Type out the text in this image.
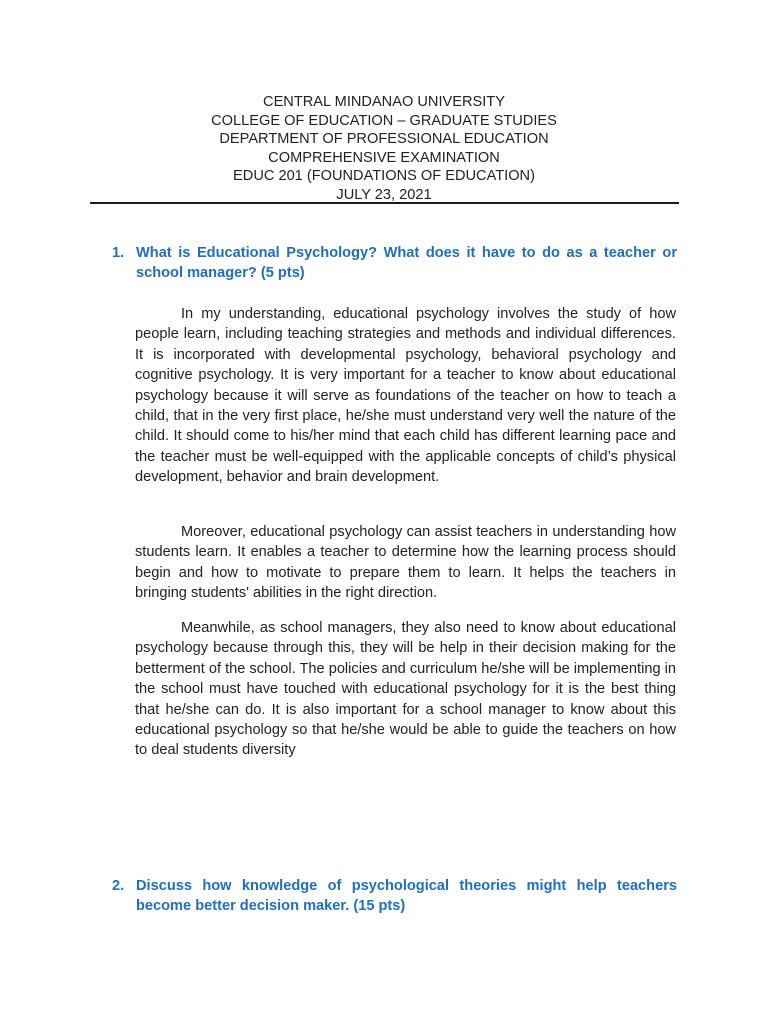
CENTRAL MINDANAO UNIVERSITY
COLLEGE OF EDUCATION – GRADUATE STUDIES
DEPARTMENT OF PROFESSIONAL EDUCATION
COMPREHENSIVE EXAMINATION
EDUC 201 (FOUNDATIONS OF EDUCATION)
JULY 23, 2021
1. What is Educational Psychology? What does it have to do as a teacher or school manager? (5 pts)

In my understanding, educational psychology involves the study of how people learn, including teaching strategies and methods and individual differences. It is incorporated with developmental psychology, behavioral psychology and cognitive psychology. It is very important for a teacher to know about educational psychology because it will serve as foundations of the teacher on how to teach a child, that in the very first place, he/she must understand very well the nature of the child. It should come to his/her mind that each child has different learning pace and the teacher must be well-equipped with the applicable concepts of child’s physical development, behavior and brain development.

Moreover, educational psychology can assist teachers in understanding how students learn. It enables a teacher to determine how the learning process should begin and how to motivate to prepare them to learn. It helps the teachers in bringing students' abilities in the right direction.

Meanwhile, as school managers, they also need to know about educational psychology because through this, they will be help in their decision making for the betterment of the school. The policies and curriculum he/she will be implementing in the school must have touched with educational psychology for it is the best thing that he/she can do. It is also important for a school manager to know about this educational psychology so that he/she would be able to guide the teachers on how to deal students diversity

2. Discuss how knowledge of psychological theories might help teachers become better decision maker. (15 pts)
